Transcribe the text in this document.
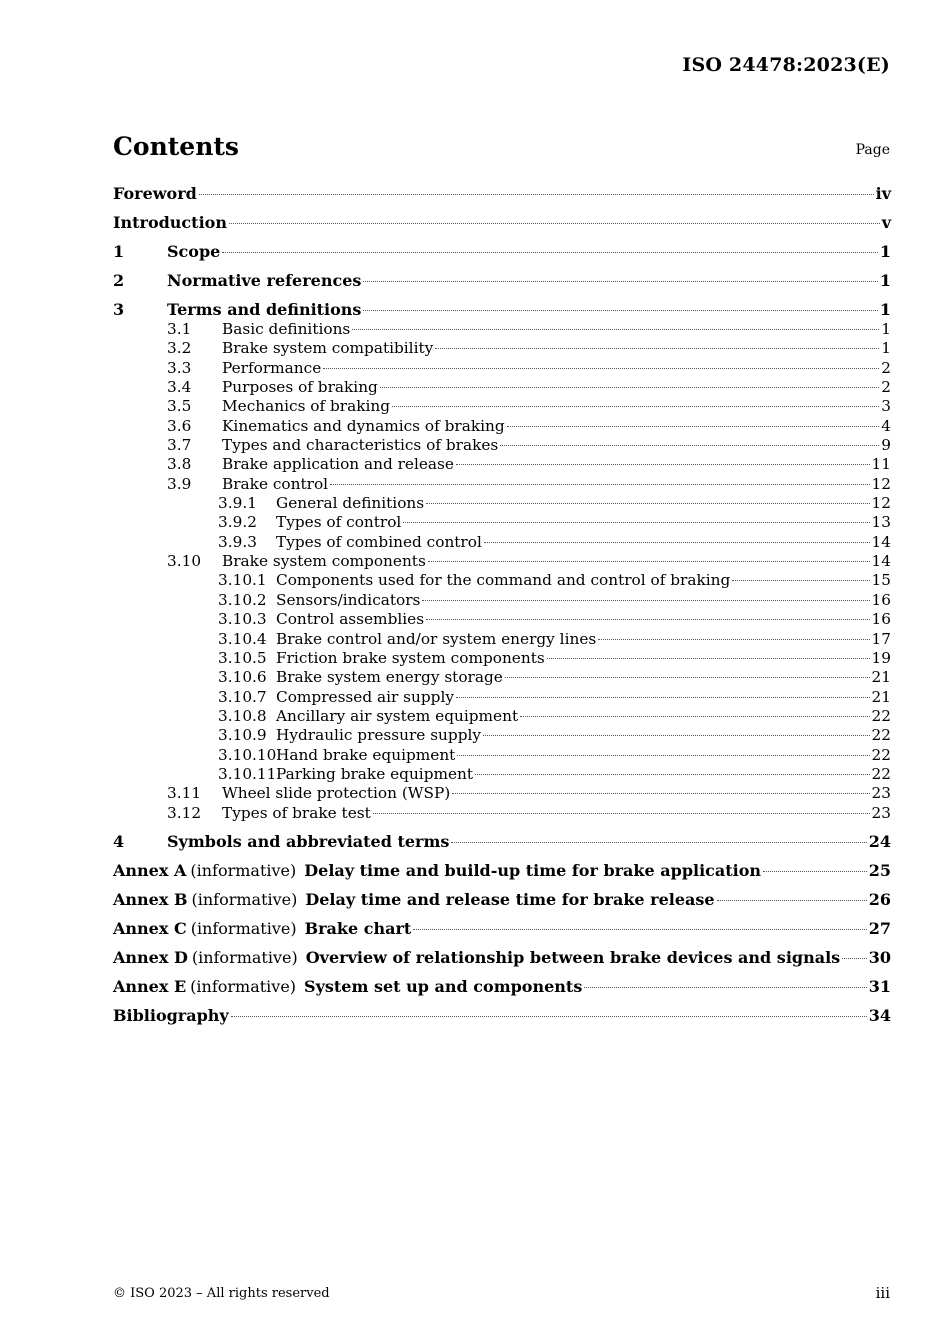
ISO 24478:2023(E)
Contents	Page
Foreword	iv
Introduction	v
1	Scope	1
2	Normative references	1
3	Terms and definitions	1
3.1	Basic definitions	1
3.2	Brake system compatibility	1
3.3	Performance	2
3.4	Purposes of braking	2
3.5	Mechanics of braking	3
3.6	Kinematics and dynamics of braking	4
3.7	Types and characteristics of brakes	9
3.8	Brake application and release	11
3.9	Brake control	12
3.9.1	General definitions	12
3.9.2	Types of control	13
3.9.3	Types of combined control	14
3.10	Brake system components	14
3.10.1 Components used for the command and control of braking	15
3.10.2 Sensors/indicators	16
3.10.3 Control assemblies	16
3.10.4 Brake control and/or system energy lines	17
3.10.5 Friction brake system components	19
3.10.6 Brake system energy storage	21
3.10.7 Compressed air supply	21
3.10.8 Ancillary air system equipment	22
3.10.9 Hydraulic pressure supply	22
3.10.10 Hand brake equipment	22
3.10.11 Parking brake equipment	22
3.11	Wheel slide protection (WSP)	23
3.12	Types of brake test	23
4	Symbols and abbreviated terms	24
Annex A (informative) Delay time and build-up time for brake application	25
Annex B (informative) Delay time and release time for brake release	26
Annex C (informative) Brake chart	27
Annex D (informative) Overview of relationship between brake devices and signals 30
Annex E (informative) System set up and components	31
Bibliography	34
© ISO 2023 – All rights reserved	iii
